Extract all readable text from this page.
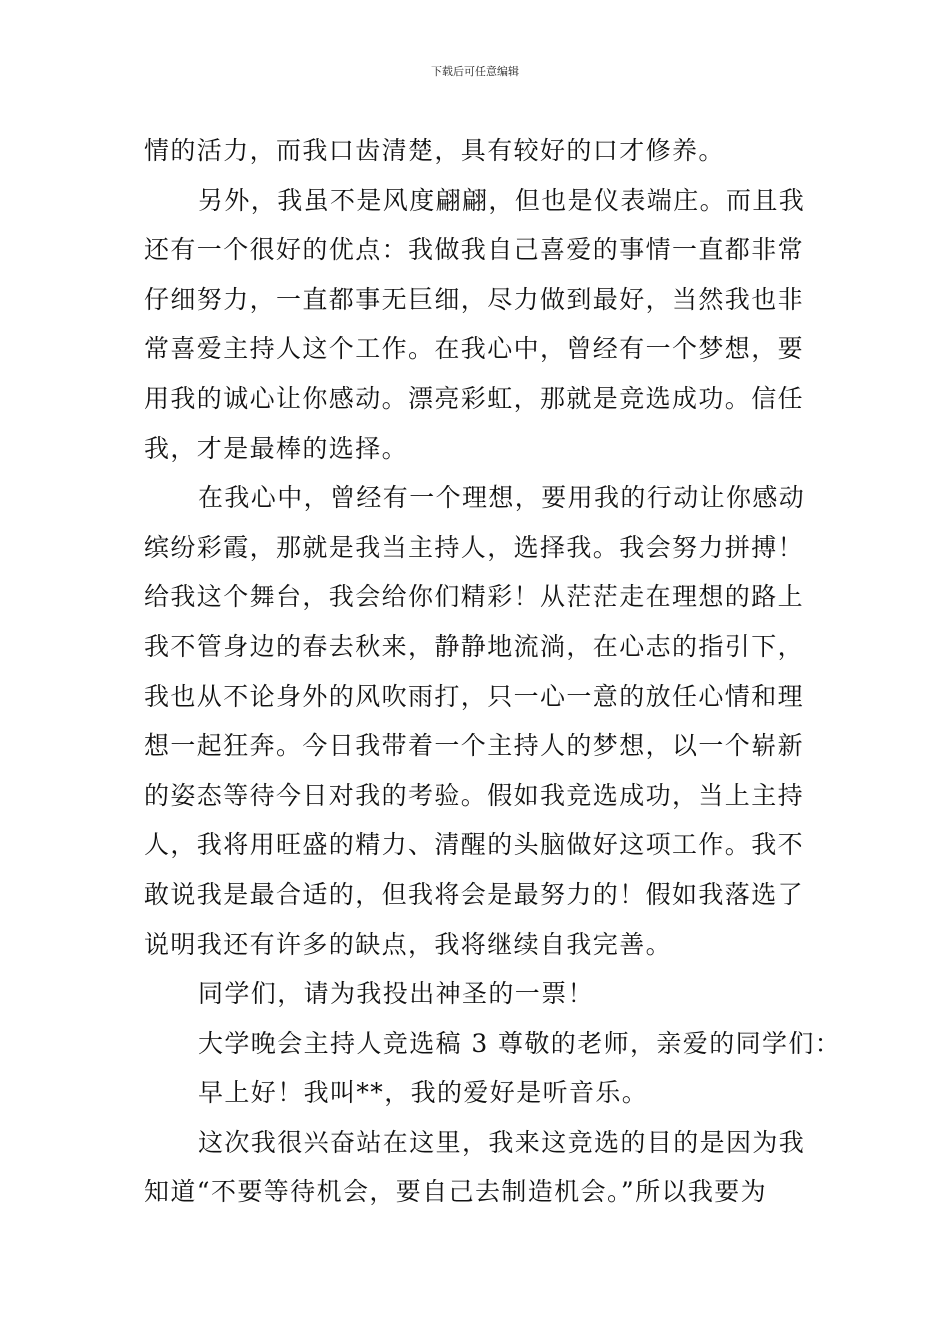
下载后可任意编辑
情的活力，而我口齿清楚，具有较好的口才修养。
另外，我虽不是风度翩翩，但也是仪表端庄。而且我
还有一个很好的优点：我做我自己喜爱的事情一直都非常
仔细努力，一直都事无巨细，尽力做到最好，当然我也非
常喜爱主持人这个工作。在我心中，曾经有一个梦想，要
用我的诚心让你感动。漂亮彩虹，那就是竞选成功。信任
我，才是最棒的选择。
在我心中，曾经有一个理想，要用我的行动让你感动
缤纷彩霞，那就是我当主持人，选择我。我会努力拼搏！
给我这个舞台，我会给你们精彩！从茫茫走在理想的路上
我不管身边的春去秋来，静静地流淌，在心志的指引下，
我也从不论身外的风吹雨打，只一心一意的放任心情和理
想一起狂奔。今日我带着一个主持人的梦想，以一个崭新
的姿态等待今日对我的考验。假如我竞选成功，当上主持
人，我将用旺盛的精力、清醒的头脑做好这项工作。我不
敢说我是最合适的，但我将会是最努力的！假如我落选了
说明我还有许多的缺点，我将继续自我完善。
同学们，请为我投出神圣的一票！
大学晚会主持人竞选稿 3 尊敬的老师，亲爱的同学们：
早上好！我叫**，我的爱好是听音乐。
这次我很兴奋站在这里，我来这竞选的目的是因为我
知道“不要等待机会，要自己去制造机会。”所以我要为
